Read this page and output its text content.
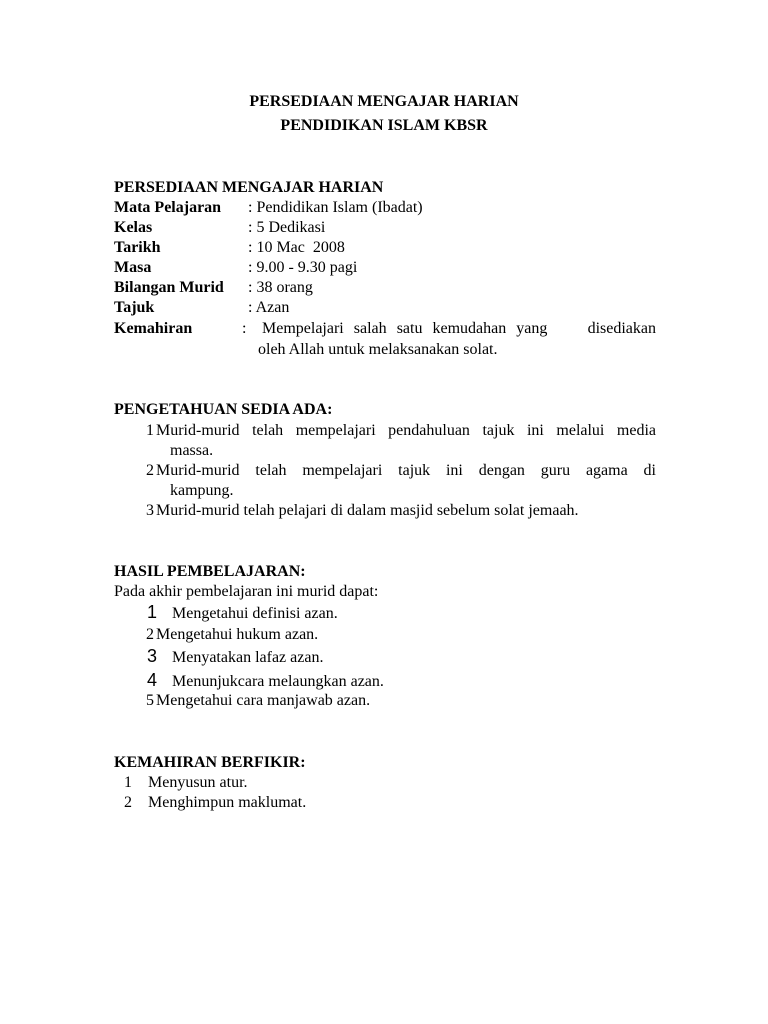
PERSEDIAAN MENGAJAR HARIAN
PENDIDIKAN ISLAM KBSR
PERSEDIAAN MENGAJAR HARIAN
Mata Pelajaran : Pendidikan Islam (Ibadat)
Kelas	: 5 Dedikasi
Tarikh	: 10 Mac  2008
Masa	: 9.00 - 9.30 pagi
Bilangan Murid : 38 orang
Tajuk	: Azan
Kemahiran	: Mempelajari salah satu kemudahan yang    disediakan
oleh Allah untuk melaksanakan solat.
PENGETAHUAN SEDIA ADA:
1 Murid-murid telah mempelajari pendahuluan tajuk ini melalui media
massa.
2 Murid-murid telah mempelajari tajuk ini dengan guru agama di
kampung.
3 Murid-murid telah pelajari di dalam masjid sebelum solat jemaah.
HASIL PEMBELAJARAN:
Pada akhir pembelajaran ini murid dapat:
1 Mengetahui definisi azan.
2 Mengetahui hukum azan.
3 Menyatakan lafaz azan.
4 Menunjukcara melaungkan azan.
5 Mengetahui cara manjawab azan.
KEMAHIRAN BERFIKIR:
1 Menyusun atur.
2 Menghimpun maklumat.
